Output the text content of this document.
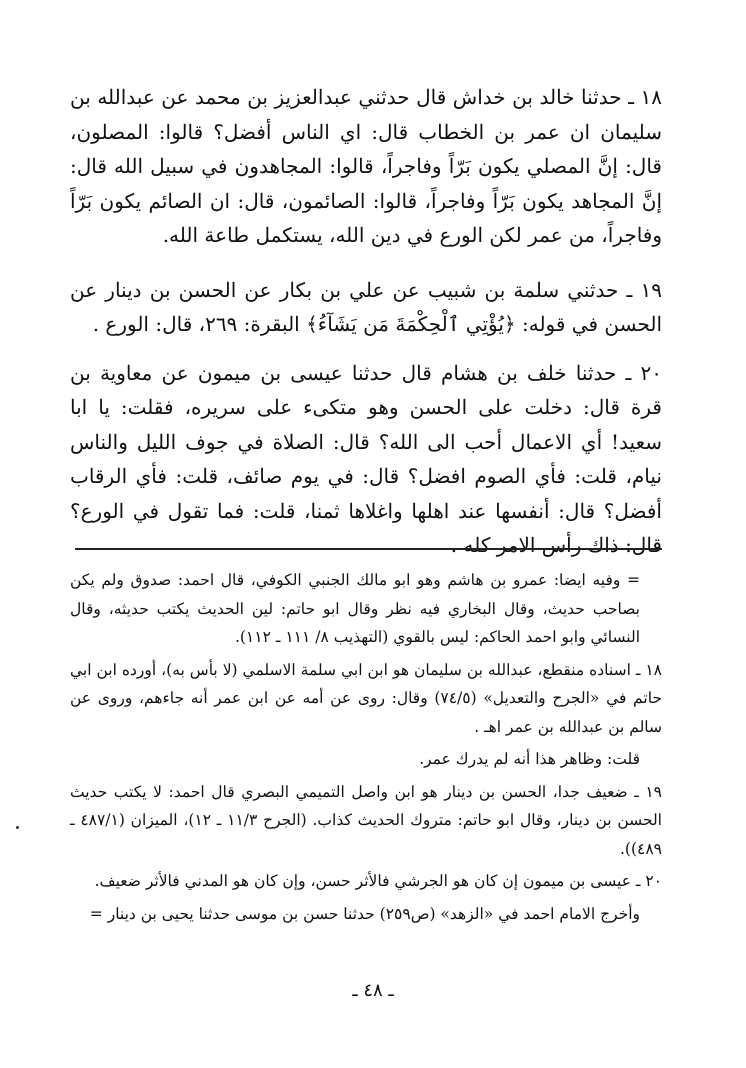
١٨ ـ حدثنا خالد بن خداش قال حدثني عبدالعزيز بن محمد عن عبدالله بن سليمان ان عمر بن الخطاب قال: اي الناس أفضل؟ قالوا: المصلون، قال: إنَّ المصلي يكون بَرّاً وفاجراً، قالوا: المجاهدون في سبيل الله قال: إنَّ المجاهد يكون بَرّاً وفاجراً، قالوا: الصائمون، قال: ان الصائم يكون بَرّاً وفاجراً، من عمر لكن الورع في دين الله، يستكمل طاعة الله.

١٩ ـ حدثني سلمة بن شبيب عن علي بن بكار عن الحسن بن دينار عن الحسن في قوله: ﴿يُؤْتِي ٱلْحِكْمَةَ مَن يَشَآءُ﴾ البقرة: ٢٦٩، قال: الورع .

٢٠ ـ حدثنا خلف بن هشام قال حدثنا عيسى بن ميمون عن معاوية بن قرة قال: دخلت على الحسن وهو متكىء على سريره، فقلت: يا ابا سعيد! أي الاعمال أحب الى الله؟ قال: الصلاة في جوف الليل والناس نيام، قلت: فأي الصوم افضل؟ قال: في يوم صائف، قلت: فأي الرقاب أفضل؟ قال: أنفسها عند اهلها واغلاها ثمنا، قلت: فما تقول في الورع؟ قال: ذاك رأس الامر كله .

= وفيه ايضا: عمرو بن هاشم وهو ابو مالك الجنبي الكوفي، قال احمد: صدوق ولم يكن بصاحب حديث، وقال البخاري فيه نظر وقال ابو حاتم: لين الحديث يكتب حديثه، وقال النسائي وابو احمد الحاكم: ليس بالقوي (التهذيب ٨/ ١١١ ـ ١١٢).

١٨ ـ اسناده منقطع، عبدالله بن سليمان هو ابن ابي سلمة الاسلمي (لا بأس به)، أورده ابن ابي حاتم في «الجرح والتعديل» (٧٤/٥) وقال: روى عن أمه عن ابن عمر أنه جاءهم، وروى عن سالم بن عبدالله بن عمر اهـ .

قلت: وظاهر هذا أنه لم يدرك عمر.

١٩ ـ ضعيف جدا، الحسن بن دينار هو ابن واصل التميمي البصري قال احمد: لا يكتب حديث الحسن بن دينار، وقال ابو حاتم: متروك الحديث كذاب. (الجرح ١١/٣ ـ ١٢)، الميزان (٤٨٧/١ ـ ٤٨٩)).

٢٠ ـ عيسى بن ميمون إن كان هو الجرشي فالأثر حسن، وإن كان هو المدني فالأثر ضعيف.

وأخرج الامام احمد في «الزهد» (ص٢٥٩) حدثنا حسن بن موسى حدثنا يحيى بن دينار =

ـ ٤٨ ـ
